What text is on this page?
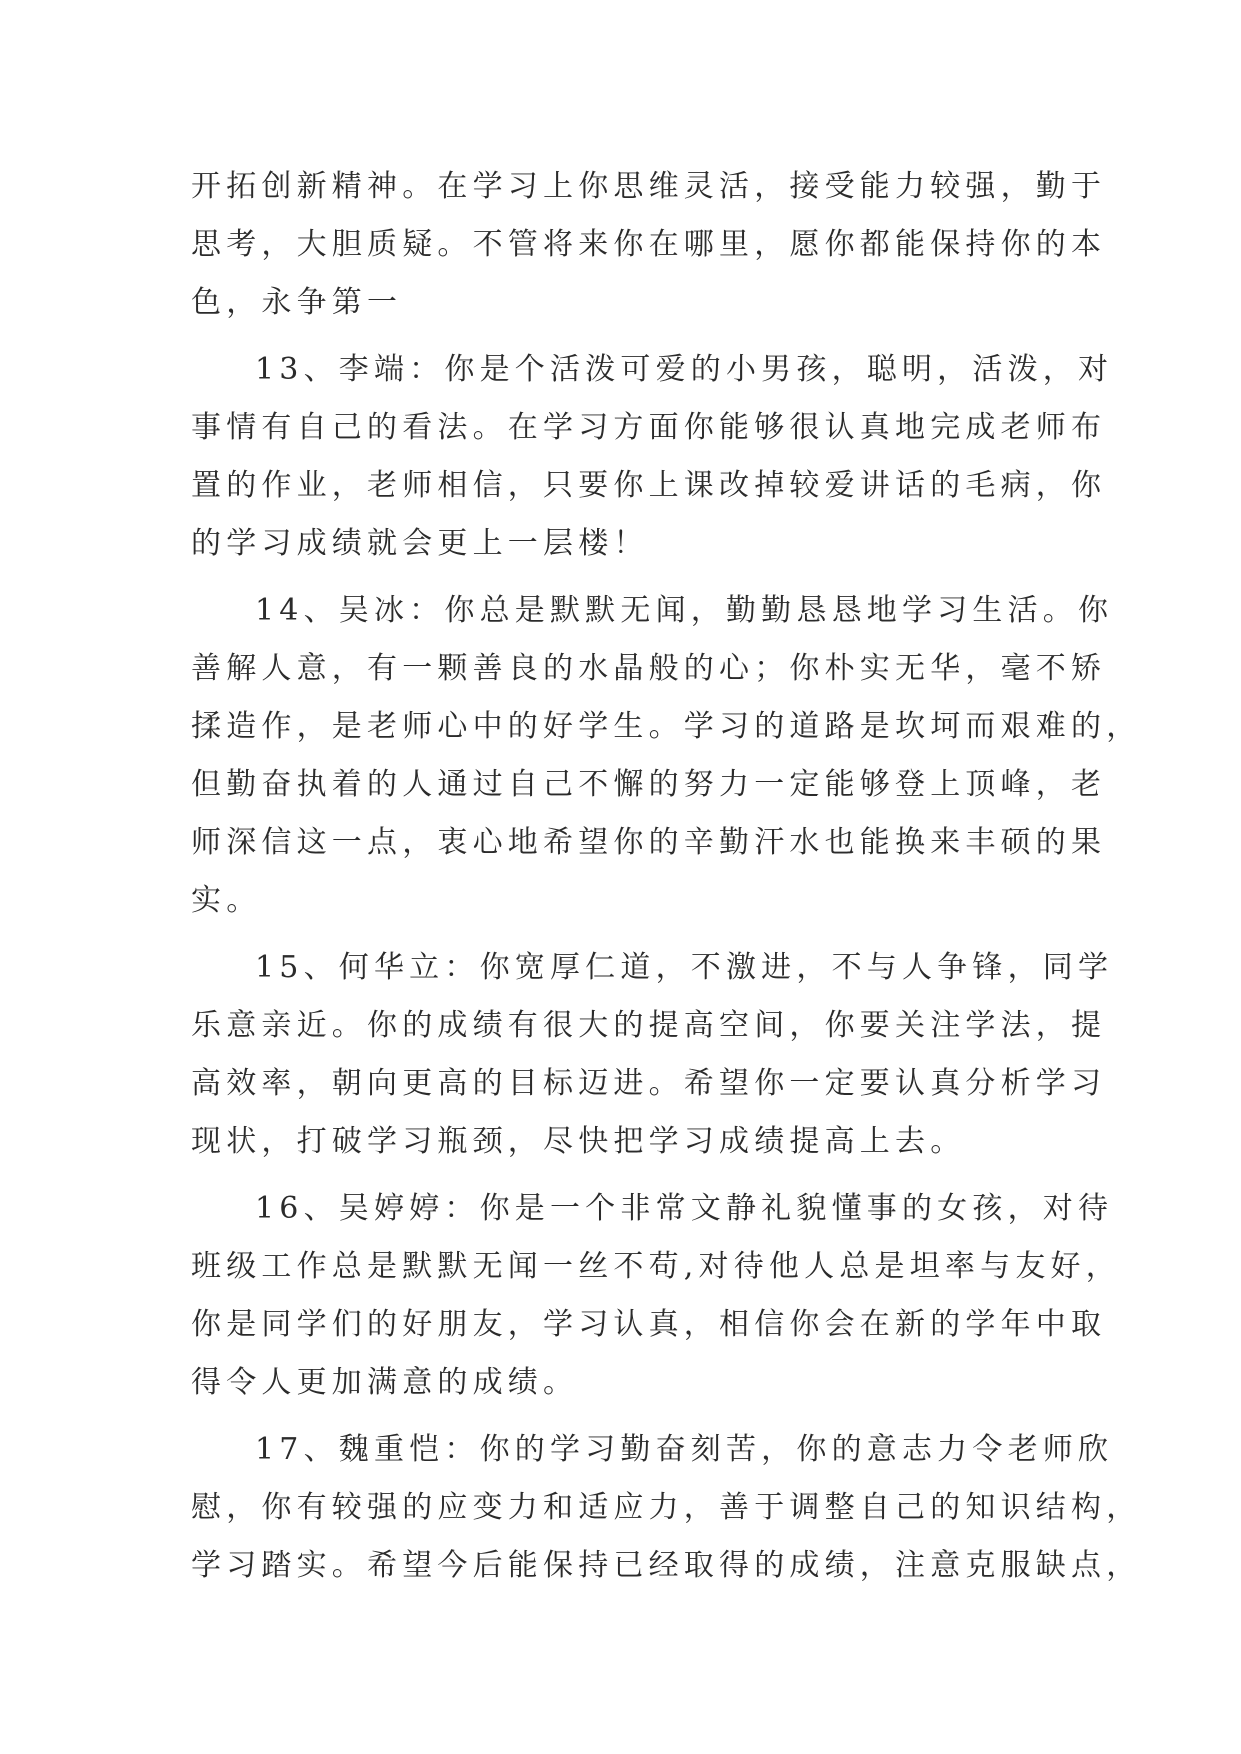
开拓创新精神。在学习上你思维灵活，接受能力较强，勤于
思考，大胆质疑。不管将来你在哪里，愿你都能保持你的本
色，永争第一
13、李端：你是个活泼可爱的小男孩，聪明，活泼，对
事情有自己的看法。在学习方面你能够很认真地完成老师布
置的作业，老师相信，只要你上课改掉较爱讲话的毛病，你
的学习成绩就会更上一层楼！
14、吴冰：你总是默默无闻，勤勤恳恳地学习生活。你
善解人意，有一颗善良的水晶般的心；你朴实无华，毫不矫
揉造作，是老师心中的好学生。学习的道路是坎坷而艰难的，
但勤奋执着的人通过自己不懈的努力一定能够登上顶峰，老
师深信这一点，衷心地希望你的辛勤汗水也能换来丰硕的果
实。
15、何华立：你宽厚仁道，不激进，不与人争锋，同学
乐意亲近。你的成绩有很大的提高空间，你要关注学法，提
高效率，朝向更高的目标迈进。希望你一定要认真分析学习
现状，打破学习瓶颈，尽快把学习成绩提高上去。
16、吴婷婷：你是一个非常文静礼貌懂事的女孩，对待
班级工作总是默默无闻一丝不苟,对待他人总是坦率与友好，
你是同学们的好朋友，学习认真，相信你会在新的学年中取
得令人更加满意的成绩。
17、魏重恺：你的学习勤奋刻苦，你的意志力令老师欣
慰，你有较强的应变力和适应力，善于调整自己的知识结构，
学习踏实。希望今后能保持已经取得的成绩，注意克服缺点，
